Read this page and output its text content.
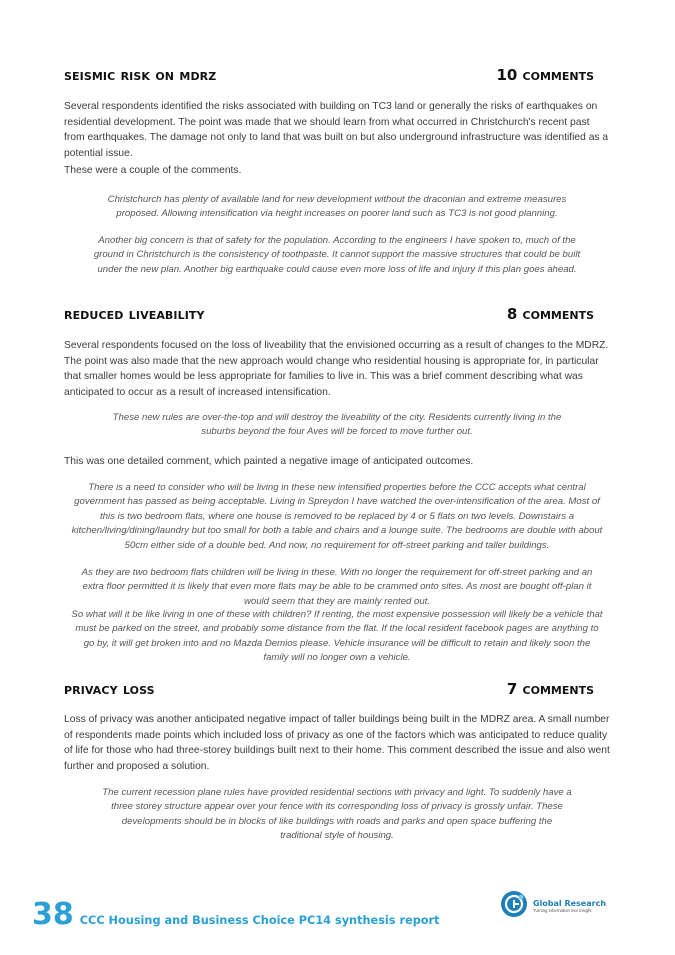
seismic risk on mdrz	10 comments

Several respondents identified the risks associated with building on TC3 land or generally the risks of earthquakes on residential development. The point was made that we should learn from what occurred in Christchurch's recent past from earthquakes. The damage not only to land that was built on but also underground infrastructure was identified as a potential issue.

These were a couple of the comments.

Christchurch has plenty of available land for new development without the draconian and extreme measures proposed. Allowing intensification via height increases on poorer land such as TC3 is not good planning.

Another big concern is that of safety for the population. According to the engineers I have spoken to, much of the ground in Christchurch is the consistency of toothpaste. It cannot support the massive structures that could be built under the new plan. Another big earthquake could cause even more loss of life and injury if this plan goes ahead.

reduced liveability	8 comments

Several respondents focused on the loss of liveability that the envisioned occurring as a result of changes to the MDRZ. The point was also made that the new approach would change who residential housing is appropriate for, in particular that smaller homes would be less appropriate for families to live in. This was a brief comment describing what was anticipated to occur as a result of increased intensification.

These new rules are over-the-top and will destroy the liveability of the city. Residents currently living in the suburbs beyond the four Aves will be forced to move further out.

This was one detailed comment, which painted a negative image of anticipated outcomes.

There is a need to consider who will be living in these new intensified properties before the CCC accepts what central government has passed as being acceptable. Living in Spreydon I have watched the over-intensification of the area. Most of this is two bedroom flats, where one house is removed to be replaced by 4 or 5 flats on two levels. Downstairs a kitchen/living/dining/laundry but too small for both a table and chairs and a lounge suite. The bedrooms are double with about 50cm either side of a double bed. And now, no requirement for off-street parking and taller buildings.

As they are two bedroom flats children will be living in these. With no longer the requirement for off-street parking and an extra floor permitted it is likely that even more flats may be able to be crammed onto sites. As most are bought off-plan it would seem that they are mainly rented out.

So what will it be like living in one of these with children? If renting, the most expensive possession will likely be a vehicle that must be parked on the street, and probably some distance from the flat. If the local resident facebook pages are anything to go by, it will get broken into and no Mazda Demios please. Vehicle insurance will be difficult to retain and likely soon the family will no longer own a vehicle.

privacy loss	7 comments

Loss of privacy was another anticipated negative impact of taller buildings being built in the MDRZ area. A small number of respondents made points which included loss of privacy as one of the factors which was anticipated to reduce quality of life for those who had three-storey buildings built next to their home. This comment described the issue and also went further and proposed a solution.

The current recession plane rules have provided residential sections with privacy and light. To suddenly have a three storey structure appear over your fence with its corresponding loss of privacy is grossly unfair. These developments should be in blocks of like buildings with roads and parks and open space buffering the traditional style of housing.

38 CCC Housing and Business Choice PC14 synthesis report
Global Research
Turning information into insight
